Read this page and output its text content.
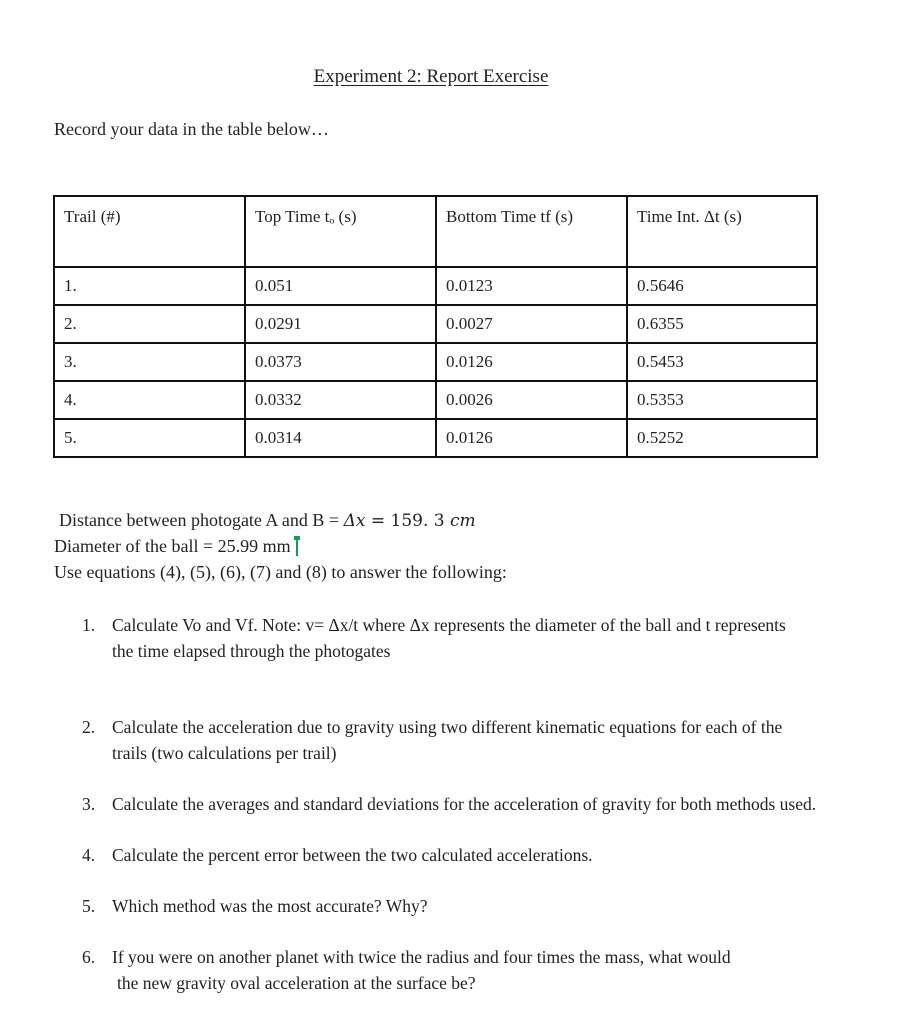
Experiment 2: Report Exercise
Record your data in the table below…
Trail (#)	Top Time tₒ (s)	Bottom Time tf (s)	Time Int. Δt (s)
1.	0.051	0.0123	0.5646
2.	0.0291	0.0027	0.6355
3.	0.0373	0.0126	0.5453
4.	0.0332	0.0026	0.5353
5.	0.0314	0.0126	0.5252
Distance between photogate A and B = Δx = 159. 3 cm
Diameter of the ball = 25.99 mm
Use equations (4), (5), (6), (7) and (8) to answer the following:
1. Calculate Vo and Vf. Note: v= Δx/t where Δx represents the diameter of the ball and t represents
the time elapsed through the photogates
2. Calculate the acceleration due to gravity using two different kinematic equations for each of the
trails (two calculations per trail)
3. Calculate the averages and standard deviations for the acceleration of gravity for both methods used.
4. Calculate the percent error between the two calculated accelerations.
5. Which method was the most accurate? Why?
6. If you were on another planet with twice the radius and four times the mass, what would
the new gravity oval acceleration at the surface be?
